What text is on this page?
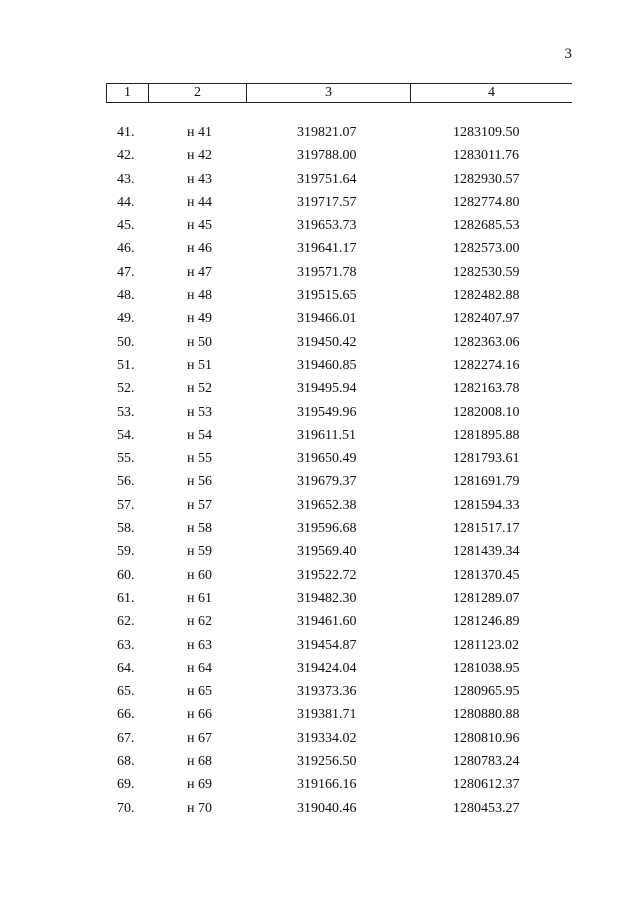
3
1	2	3	4
41.	н 41	319821.07	1283109.50
42.	н 42	319788.00	1283011.76
43.	н 43	319751.64	1282930.57
44.	н 44	319717.57	1282774.80
45.	н 45	319653.73	1282685.53
46.	н 46	319641.17	1282573.00
47.	н 47	319571.78	1282530.59
48.	н 48	319515.65	1282482.88
49.	н 49	319466.01	1282407.97
50.	н 50	319450.42	1282363.06
51.	н 51	319460.85	1282274.16
52.	н 52	319495.94	1282163.78
53.	н 53	319549.96	1282008.10
54.	н 54	319611.51	1281895.88
55.	н 55	319650.49	1281793.61
56.	н 56	319679.37	1281691.79
57.	н 57	319652.38	1281594.33
58.	н 58	319596.68	1281517.17
59.	н 59	319569.40	1281439.34
60.	н 60	319522.72	1281370.45
61.	н 61	319482.30	1281289.07
62.	н 62	319461.60	1281246.89
63.	н 63	319454.87	1281123.02
64.	н 64	319424.04	1281038.95
65.	н 65	319373.36	1280965.95
66.	н 66	319381.71	1280880.88
67.	н 67	319334.02	1280810.96
68.	н 68	319256.50	1280783.24
69.	н 69	319166.16	1280612.37
70.	н 70	319040.46	1280453.27
